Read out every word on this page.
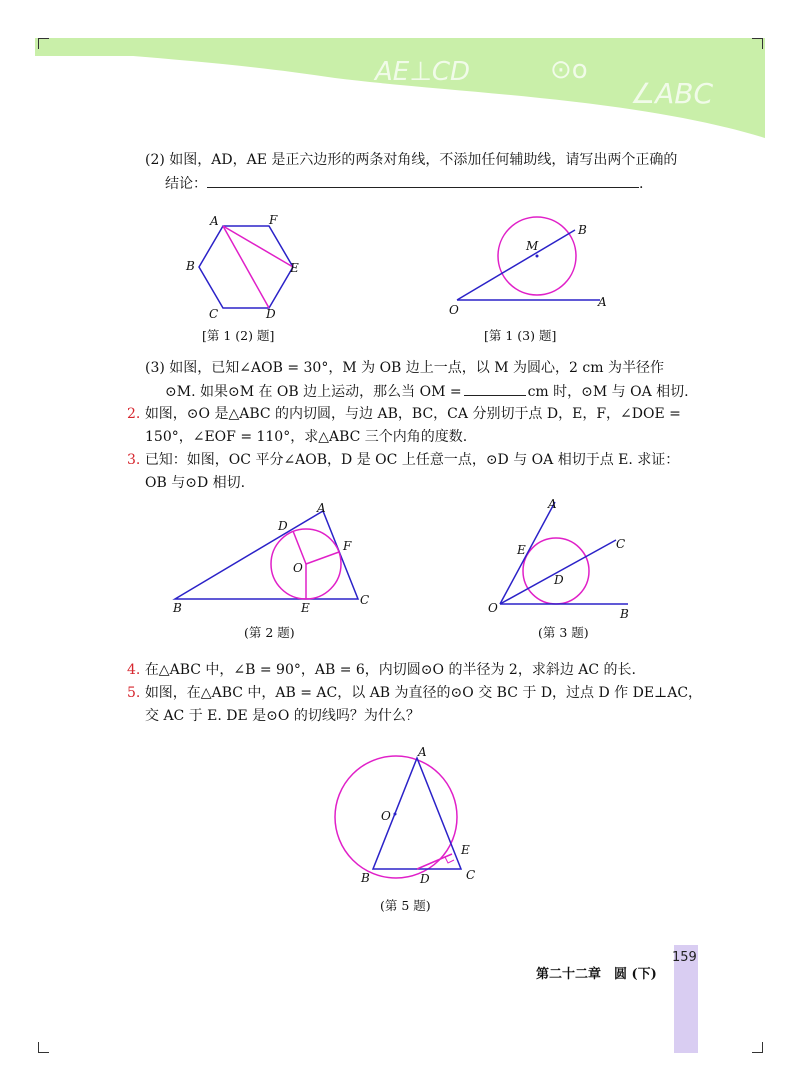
AE⊥CD	⊙o
∠ABC
(2) 如图，AD，AE 是正六边形的两条对角线，不添加任何辅助线，请写出两个正确的
结论：	.
A	F
B	E
C	D
[第 1 (2) 题]
B
M
O
A
[第 1 (3) 题]
(3) 如图，已知∠AOB = 30°，M 为 OB 边上一点，以 M 为圆心，2 cm 为半径作
⊙M. 如果⊙M 在 OB 边上运动，那么当 OM =	cm 时，⊙M 与 OA 相切.
2. 如图，⊙O 是△ABC 的内切圆，与边 AB，BC，CA 分别切于点 D，E，F，∠DOE =
150°，∠EOF = 110°，求△ABC 三个内角的度数.
3. 已知：如图，OC 平分∠AOB，D 是 OC 上任意一点，⊙D 与 OA 相切于点 E. 求证：
OB 与⊙D 相切.
A
D
F
O
B	E
C
(第 2 题)
A
C
E
D
O	B
(第 3 题)
4. 在△ABC 中，∠B = 90°，AB = 6，内切圆⊙O 的半径为 2，求斜边 AC 的长.
5. 如图，在△ABC 中，AB = AC，以 AB 为直径的⊙O 交 BC 于 D，过点 D 作 DE⊥AC，
交 AC 于 E. DE 是⊙O 的切线吗？为什么？
A
O
E
B	D	C
(第 5 题)
第二十二章　圆 (下)
159
